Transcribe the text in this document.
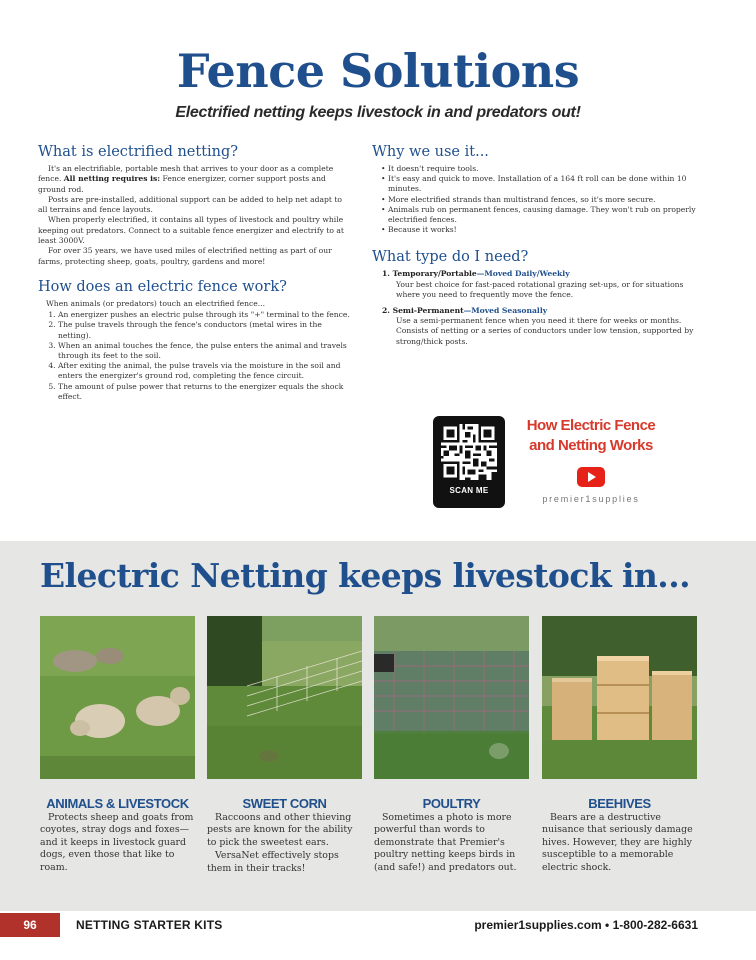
Fence Solutions
Electrified netting keeps livestock in and predators out!
What is electrified netting?

It's an electrifiable, portable mesh that arrives to your door as a complete fence. All netting requires is: Fence energizer, corner support posts and ground rod.

Posts are pre-installed, additional support can be added to help net adapt to all terrains and fence layouts.

When properly electrified, it contains all types of livestock and poultry while keeping out predators. Connect to a suitable fence energizer and electrify to at least 3000V.

For over 35 years, we have used miles of electrified netting as part of our farms, protecting sheep, goats, poultry, gardens and more!

How does an electric fence work?
When animals (or predators) touch an electrified fence...
1. An energizer pushes an electric pulse through its "+" terminal to the fence.
2. The pulse travels through the fence's conductors (metal wires in the netting).
3. When an animal touches the fence, the pulse enters the animal and travels through its feet to the soil.
4. After exiting the animal, the pulse travels via the moisture in the soil and enters the energizer's ground rod, completing the fence circuit.
5. The amount of pulse power that returns to the energizer equals the shock effect.
Why we use it...
• It doesn't require tools.
• It's easy and quick to move. Installation of a 164 ft roll can be done within 10 minutes.
• More electrified strands than multistrand fences, so it's more secure.
• Animals rub on permanent fences, causing damage. They won't rub on properly electrified fences.
• Because it works!
What type do I need?
1. Temporary/Portable—Moved Daily/Weekly
Your best choice for fast-paced rotational grazing set-ups, or for situations where you need to frequently move the fence.
2. Semi-Permanent—Moved Seasonally
Use a semi-permanent fence when you need it there for weeks or months. Consists of netting or a series of conductors under low tension, supported by strong/thick posts.
SCAN ME
How Electric Fence
and Netting Works
premier1supplies
Electric Netting keeps livestock in...
ANIMALS & LIVESTOCK

Protects sheep and goats from coyotes, stray dogs and foxes—and it keeps in livestock guard dogs, even those that like to roam.

SWEET CORN

Raccoons and other thieving pests are known for the ability to pick the sweetest ears.

VersaNet effectively stops them in their tracks!

POULTRY

Sometimes a photo is more powerful than words to demonstrate that Premier's poultry netting keeps birds in (and safe!) and predators out.

BEEHIVES

Bears are a destructive nuisance that seriously damage hives. However, they are highly susceptible to a memorable electric shock.

96	NETTING STARTER KITS	premier1supplies.com • 1-800-282-6631
